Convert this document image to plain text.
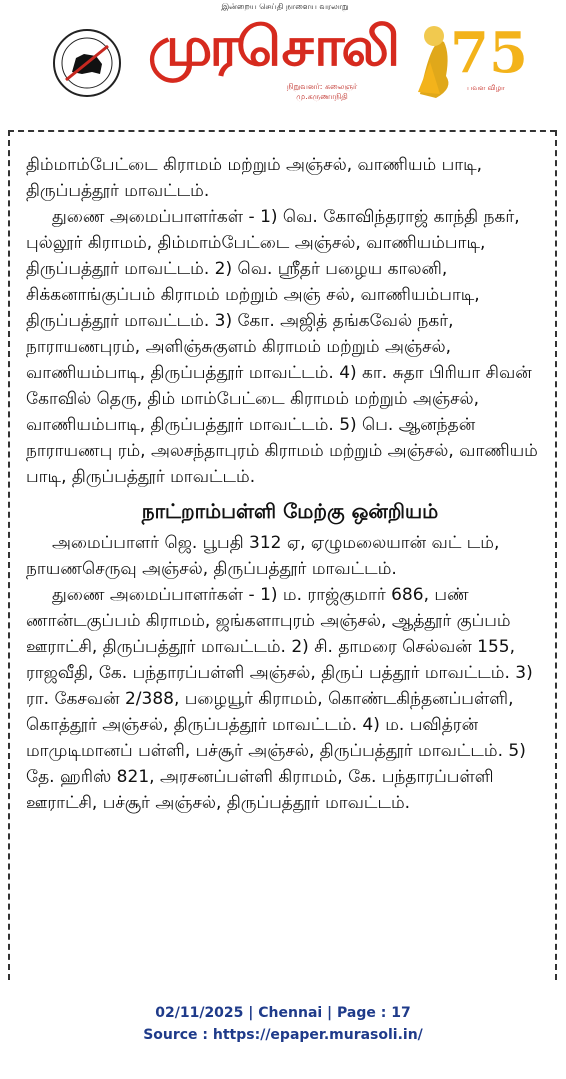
இன்றைய செய்தி நாளைய வரலாறு
முரசொலி
நிறுவனர்: கலைஞர் மு.கருணாநிதி
75
பவள விழா

திம்மாம்பேட்டை கிராமம் மற்றும் அஞ்சல், வாணியம் பாடி, திருப்பத்தூர் மாவட்டம்.

துணை அமைப்பாளர்கள் - 1) வெ. கோவிந்தராஜ் காந்தி நகர், புல்லூர் கிராமம், திம்மாம்பேட்டை அஞ்சல், வாணியம்பாடி, திருப்பத்தூர் மாவட்டம். 2) வெ. ஸ்ரீதர் பழைய காலனி, சிக்கனாங்குப்பம் கிராமம் மற்றும் அஞ் சல், வாணியம்பாடி, திருப்பத்தூர் மாவட்டம். 3) கோ. அஜித் தங்கவேல் நகர், நாராயணபுரம், அளிஞ்சுகுளம் கிராமம் மற்றும் அஞ்சல், வாணியம்பாடி, திருப்பத்தூர் மாவட்டம். 4) கா. சுதா பிரியா சிவன் கோவில் தெரு, திம் மாம்பேட்டை கிராமம் மற்றும் அஞ்சல், வாணியம்பாடி, திருப்பத்தூர் மாவட்டம். 5) பெ. ஆனந்தன் நாராயணபு ரம், அலசந்தாபுரம் கிராமம் மற்றும் அஞ்சல், வாணியம் பாடி, திருப்பத்தூர் மாவட்டம்.

நாட்றாம்பள்ளி மேற்கு ஒன்றியம்

அமைப்பாளர் ஜெ. பூபதி 312 ஏ, ஏழுமலையான் வட் டம், நாயணசெருவு அஞ்சல், திருப்பத்தூர் மாவட்டம்.

துணை அமைப்பாளர்கள் - 1) ம. ராஜ்குமார் 686, பண் ணான்டகுப்பம் கிராமம், ஜங்களாபுரம் அஞ்சல், ஆத்தூர் குப்பம் ஊராட்சி, திருப்பத்தூர் மாவட்டம். 2) சி. தாமரை செல்வன் 155, ராஜவீதி, கே. பந்தாரப்பள்ளி அஞ்சல், திருப் பத்தூர் மாவட்டம். 3) ரா. கேசவன் 2/388, பழையூர் கிராமம், கொண்டகிந்தனப்பள்ளி, கொத்தூர் அஞ்சல், திருப்பத்தூர் மாவட்டம். 4) ம. பவித்ரன் மாமுடிமானப் பள்ளி, பச்சூர் அஞ்சல், திருப்பத்தூர் மாவட்டம். 5) தே. ஹரிஸ் 821, அரசனப்பள்ளி கிராமம், கே. பந்தாரப்பள்ளி ஊராட்சி, பச்சூர் அஞ்சல், திருப்பத்தூர் மாவட்டம்.

02/11/2025 | Chennai | Page : 17
Source : https://epaper.murasoli.in/
